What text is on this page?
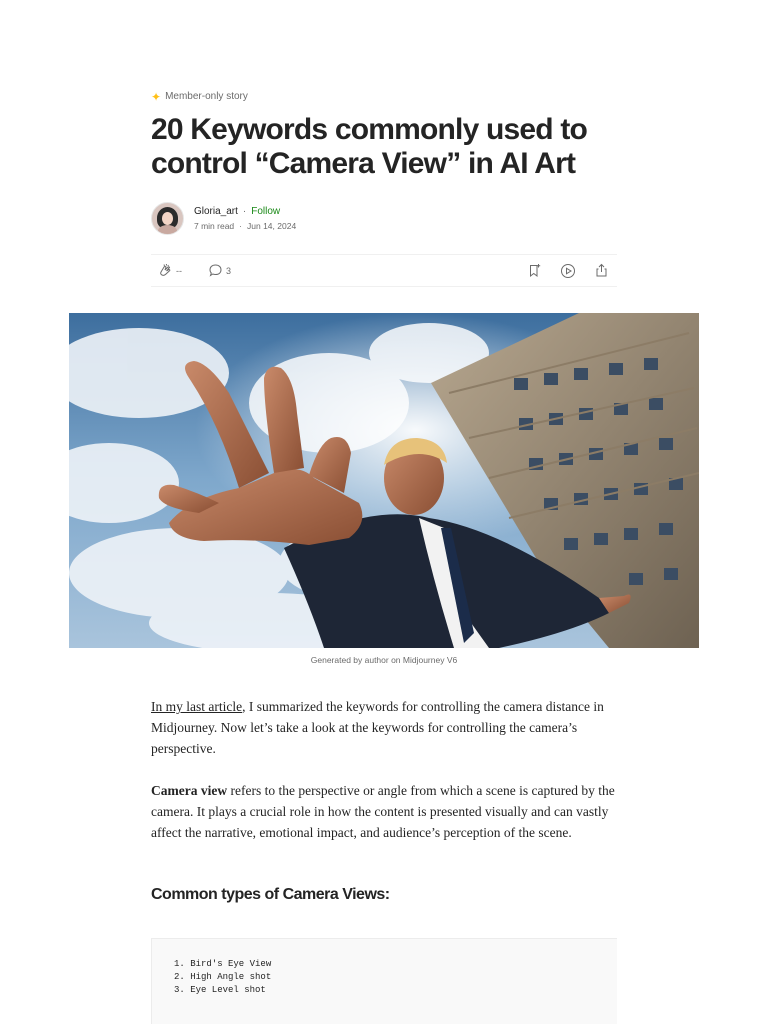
✦ Member-only story
20 Keywords commonly used to control “Camera View” in AI Art
Gloria_art · Follow
7 min read · Jun 14, 2024
--	3
Generated by author on Midjourney V6

In my last article, I summarized the keywords for controlling the camera distance in Midjourney. Now let’s take a look at the keywords for controlling the camera’s perspective.

Camera view refers to the perspective or angle from which a scene is captured by the camera. It plays a crucial role in how the content is presented visually and can vastly affect the narrative, emotional impact, and audience’s perception of the scene.

Common types of Camera Views:
1. Bird's Eye View
2. High Angle shot
3. Eye Level shot
